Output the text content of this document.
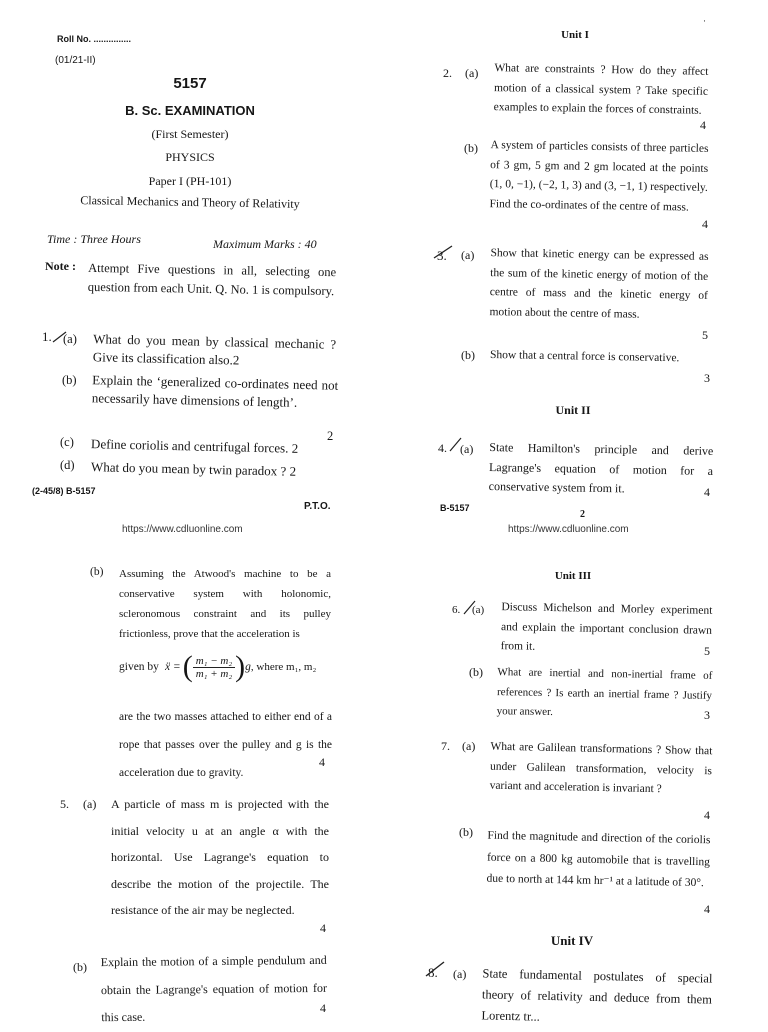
Roll No. ...............
(01/21-II)
5157
B. Sc. EXAMINATION
(First Semester)
PHYSICS
Paper I (PH-101)
Classical Mechanics and Theory of Relativity
Time : Three Hours	Maximum Marks : 40
Note : Attempt Five questions in all, selecting one question from each Unit. Q. No. 1 is compulsory.
1. (a) What do you mean by classical mechanic ? Give its classification also.2
(b) Explain the ‘generalized co-ordinates need not necessarily have dimensions of length’.
2
(c) Define coriolis and centrifugal forces. 2
(d) What do you mean by twin paradox ? 2
(2-45/8) B-5157
P.T.O.
https://www.cdluonline.com
·
Unit I
2. (a) What are constraints ? How do they affect motion of a classical system ? Take specific examples to explain the forces of constraints.
4
(b) A system of particles consists of three particles of 3 gm, 5 gm and 2 gm located at the points (1, 0, −1), (−2, 1, 3) and (3, −1, 1) respectively. Find the co-ordinates of the centre of mass.
4
3. (a) Show that kinetic energy can be expressed as the sum of the kinetic energy of motion of the centre of mass and the kinetic energy of motion about the centre of mass.
5
(b) Show that a central force is conservative.
3
Unit II
4. (a) State Hamilton's principle and derive Lagrange's equation of motion for a conservative system from it.	4
B-5157
2
https://www.cdluonline.com
(b) Assuming the Atwood's machine to be a conservative system with holonomic, scleronomous constraint and its pulley frictionless, prove that the acceleration is
given by ẍ = ( $\frac{\text{m₁ − m₂}}{\text{m₁ + m₂}}$ ) g , where m₁, m₂
are the two masses attached to either end of a rope that passes over the pulley and g is the acceleration due to gravity.
4
5. (a) A particle of mass m is projected with the initial velocity u at an angle α with the horizontal. Use Lagrange's equation to describe the motion of the projectile. The resistance of the air may be neglected.
4
(b) Explain the motion of a simple pendulum and obtain the Lagrange's equation of motion for this case.
4
Unit III
6. (a) Discuss Michelson and Morley experiment and explain the important conclusion drawn from it.	5
(b) What are inertial and non-inertial frame of references ? Is earth an inertial frame ? Justify your answer.	3
7. (a) What are Galilean transformations ? Show that under Galilean transformation, velocity is variant and acceleration is invariant ?
4
(b) Find the magnitude and direction of the coriolis force on a 800 kg automobile that is travelling due to north at 144 km hr⁻¹ at a latitude of 30°.
4
Unit IV
8. (a) State fundamental postulates of special theory of relativity and deduce from them Lorentz tr...
